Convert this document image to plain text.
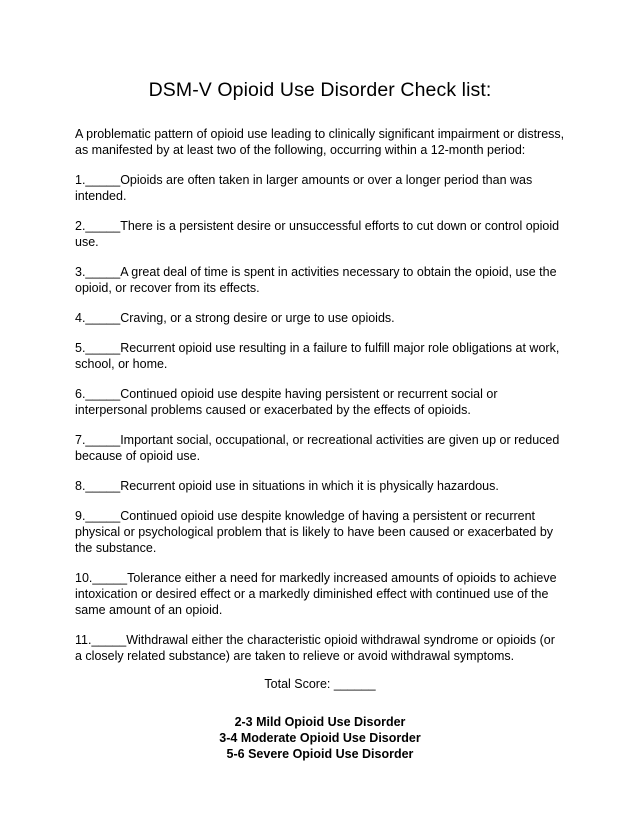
DSM-V Opioid Use Disorder Check list:

A problematic pattern of opioid use leading to clinically significant impairment or distress, as manifested by at least two of the following, occurring within a 12-month period:

1._____Opioids are often taken in larger amounts or over a longer period than was intended.
2._____There is a persistent desire or unsuccessful efforts to cut down or control opioid use.
3._____A great deal of time is spent in activities necessary to obtain the opioid, use the opioid, or recover from its effects.
4._____Craving, or a strong desire or urge to use opioids.
5._____Recurrent opioid use resulting in a failure to fulfill major role obligations at work, school, or home.
6._____Continued opioid use despite having persistent or recurrent social or interpersonal problems caused or exacerbated by the effects of opioids.
7._____Important social, occupational, or recreational activities are given up or reduced because of opioid use.
8._____Recurrent opioid use in situations in which it is physically hazardous.
9._____Continued opioid use despite knowledge of having a persistent or recurrent physical or psychological problem that is likely to have been caused or exacerbated by the substance.
10._____Tolerance either a need for markedly increased amounts of opioids to achieve intoxication or desired effect or a markedly diminished effect with continued use of the same amount of an opioid.
11._____Withdrawal either the characteristic opioid withdrawal syndrome or opioids (or a closely related substance) are taken to relieve or avoid withdrawal symptoms.

Total Score: ______

2-3 Mild Opioid Use Disorder
3-4 Moderate Opioid Use Disorder
5-6 Severe Opioid Use Disorder
